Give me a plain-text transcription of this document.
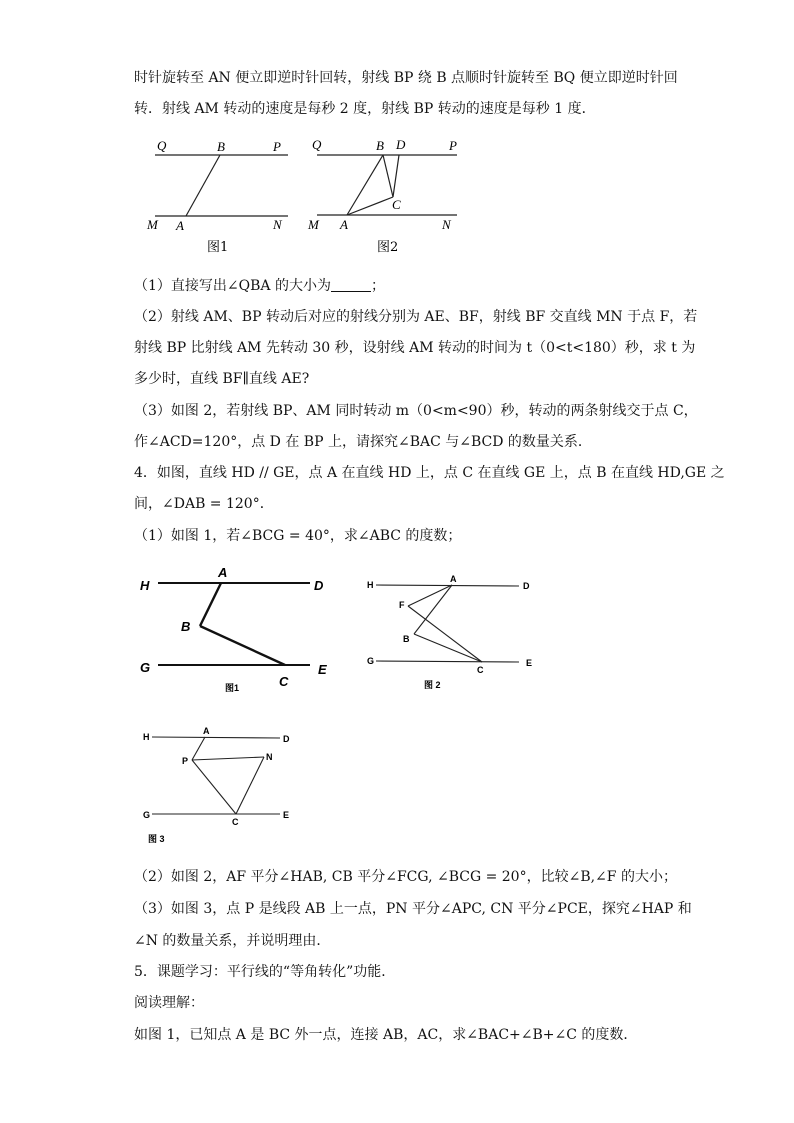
时针旋转至 AN 便立即逆时针回转，射线 BP 绕 B 点顺时针旋转至 BQ 便立即逆时针回
转．射线 AM 转动的速度是每秒 2 度，射线 BP 转动的速度是每秒 1 度．
Q	B	P
M A	N
图1
Q	B D	P
C
M A	N
图2
（1）直接写出∠QBA 的大小为	；
（2）射线 AM、BP 转动后对应的射线分别为 AE、BF，射线 BF 交直线 MN 于点 F，若
射线 BP 比射线 AM 先转动 30 秒，设射线 AM 转动的时间为 t（0<t<180）秒，求 t 为
多少时，直线 BF∥直线 AE?
（3）如图 2，若射线 BP、AM 同时转动 m（0<m<90）秒，转动的两条射线交于点 C，
作∠ACD=120°，点 D 在 BP 上，请探究∠BAC 与∠BCD 的数量关系．
4．如图，直线 HD // GE，点 A 在直线 HD 上，点 C 在直线 GE 上，点 B 在直线 HD,GE 之
间，∠DAB = 120°．
（1）如图 1，若∠BCG = 40°，求∠ABC 的度数；
H
A
D
B
G
C
E
图1
H
A
D
F
B
G
C
E
图 2
H
A
D
P	N
G
C
E
图 3
（2）如图 2，AF 平分∠HAB, CB 平分∠FCG, ∠BCG = 20°，比较∠B,∠F 的大小；
（3）如图 3，点 P 是线段 AB 上一点，PN 平分∠APC, CN 平分∠PCE，探究∠HAP 和
∠N 的数量关系，并说明理由．
5．课题学习：平行线的“等角转化”功能．
阅读理解：
如图 1，已知点 A 是 BC 外一点，连接 AB，AC，求∠BAC+∠B+∠C 的度数．
